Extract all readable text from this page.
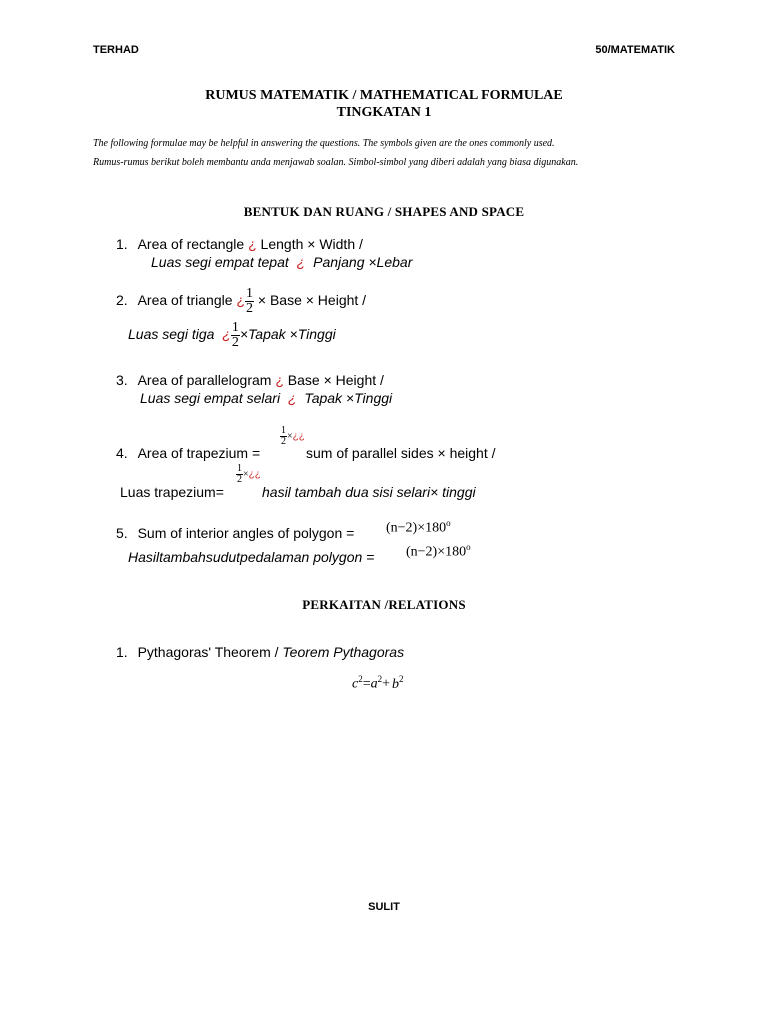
TERHAD	50/MATEMATIK
RUMUS MATEMATIK / MATHEMATICAL FORMULAE
TINGKATAN 1
The following formulae may be helpful in answering the questions. The symbols given are the ones commonly used.
Rumus-rumus berikut boleh membantu anda menjawab soalan. Simbol-simbol yang diberi adalah yang biasa digunakan.
BENTUK DAN RUANG / SHAPES AND SPACE
1. Area of rectangle ¿ Length × Width /
Luas segi empat tepat ¿ Panjang ×Lebar
2. Area of triangle ¿ $\frac{1}{2}$ × Base × Height /
Luas segi tiga ¿ $\frac{1}{2}$ ×Tapak ×Tinggi
3. Area of parallelogram ¿ Base × Height /
Luas segi empat selari ¿ Tapak ×Tinggi
4. Area of trapezium =
$\frac{1}{2}$ ×¿¿
sum of parallel sides × height /
Luas trapezium=
$\frac{1}{2}$ ×¿¿
hasil tambah dua sisi selari× tinggi
5. Sum of interior angles of polygon = $(n-2)\times 180^o$
Hasiltambahsudutpedalaman polygon = $(n-2)\times 180^o$
PERKAITAN /RELATIONS
1. Pythagoras' Theorem / Teorem Pythagoras
$c^2=a^2+ b^2$
SULIT
